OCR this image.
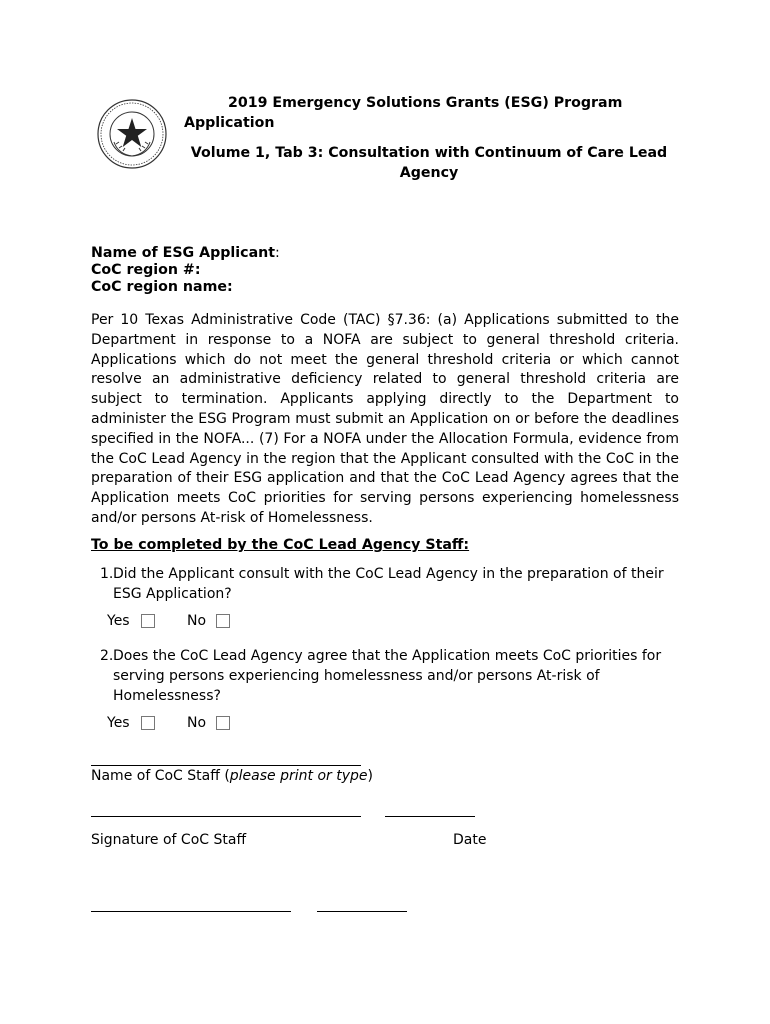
2019 Emergency Solutions Grants (ESG) Program Application
Volume 1, Tab 3: Consultation with Continuum of Care Lead Agency
Name of ESG Applicant:
CoC region #:
CoC region name:
Per 10 Texas Administrative Code (TAC) §7.36: (a) Applications submitted to the Department in response to a NOFA are subject to general threshold criteria. Applications which do not meet the general threshold criteria or which cannot resolve an administrative deficiency related to general threshold criteria are subject to termination. Applicants applying directly to the Department to administer the ESG Program must submit an Application on or before the deadlines specified in the NOFA... (7) For a NOFA under the Allocation Formula, evidence from the CoC Lead Agency in the region that the Applicant consulted with the CoC in the preparation of their ESG application and that the CoC Lead Agency agrees that the Application meets CoC priorities for serving persons experiencing homelessness and/or persons At-risk of Homelessness.
To be completed by the CoC Lead Agency Staff:
1. Did the Applicant consult with the CoC Lead Agency in the preparation of their ESG Application?
Yes	No
2. Does the CoC Lead Agency agree that the Application meets CoC priorities for serving persons experiencing homelessness and/or persons At-risk of Homelessness?
Yes	No
Name of CoC Staff (please print or type)
Signature of CoC Staff	Date
